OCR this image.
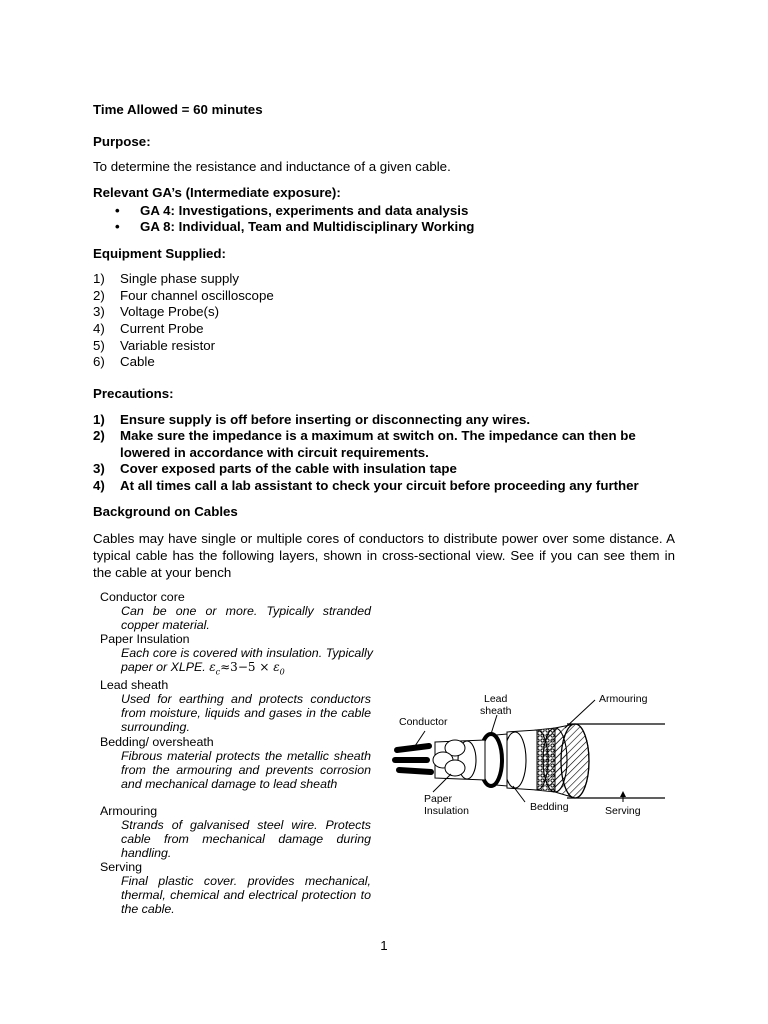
Time Allowed = 60 minutes
Purpose:
To determine the resistance and inductance of a given cable.
Relevant GA’s (Intermediate exposure):
• GA 4: Investigations, experiments and data analysis
• GA 8: Individual, Team and Multidisciplinary Working
Equipment Supplied:
1) Single phase supply
2) Four channel oscilloscope
3) Voltage Probe(s)
4) Current Probe
5) Variable resistor
6) Cable
Precautions:
1) Ensure supply is off before inserting or disconnecting any wires.
2) Make sure the impedance is a maximum at switch on. The impedance can then be lowered in accordance with circuit requirements.
3) Cover exposed parts of the cable with insulation tape
4) At all times call a lab assistant to check your circuit before proceeding any further
Background on Cables
Cables may have single or multiple cores of conductors to distribute power over some distance. A typical cable has the following layers, shown in cross-sectional view. See if you can see them in the cable at your bench
Conductor core
Can be one or more. Typically stranded copper material.
Paper Insulation
Each core is covered with insulation. Typically paper or XLPE. $\varepsilon_c\approx 3-5 \times \varepsilon_0$
Lead sheath
Used for earthing and protects conductors from moisture, liquids and gases in the cable surrounding.
Bedding/ oversheath
Fibrous material protects the metallic sheath from the armouring and prevents corrosion and mechanical damage to lead sheath
Armouring
Strands of galvanised steel wire. Protects cable from mechanical damage during handling.
Serving
Final plastic cover. provides mechanical, thermal, chemical and electrical protection to the cable.
Conductor
Lead
sheath
Armouring
Paper
Insulation	Bedding	Serving
1
